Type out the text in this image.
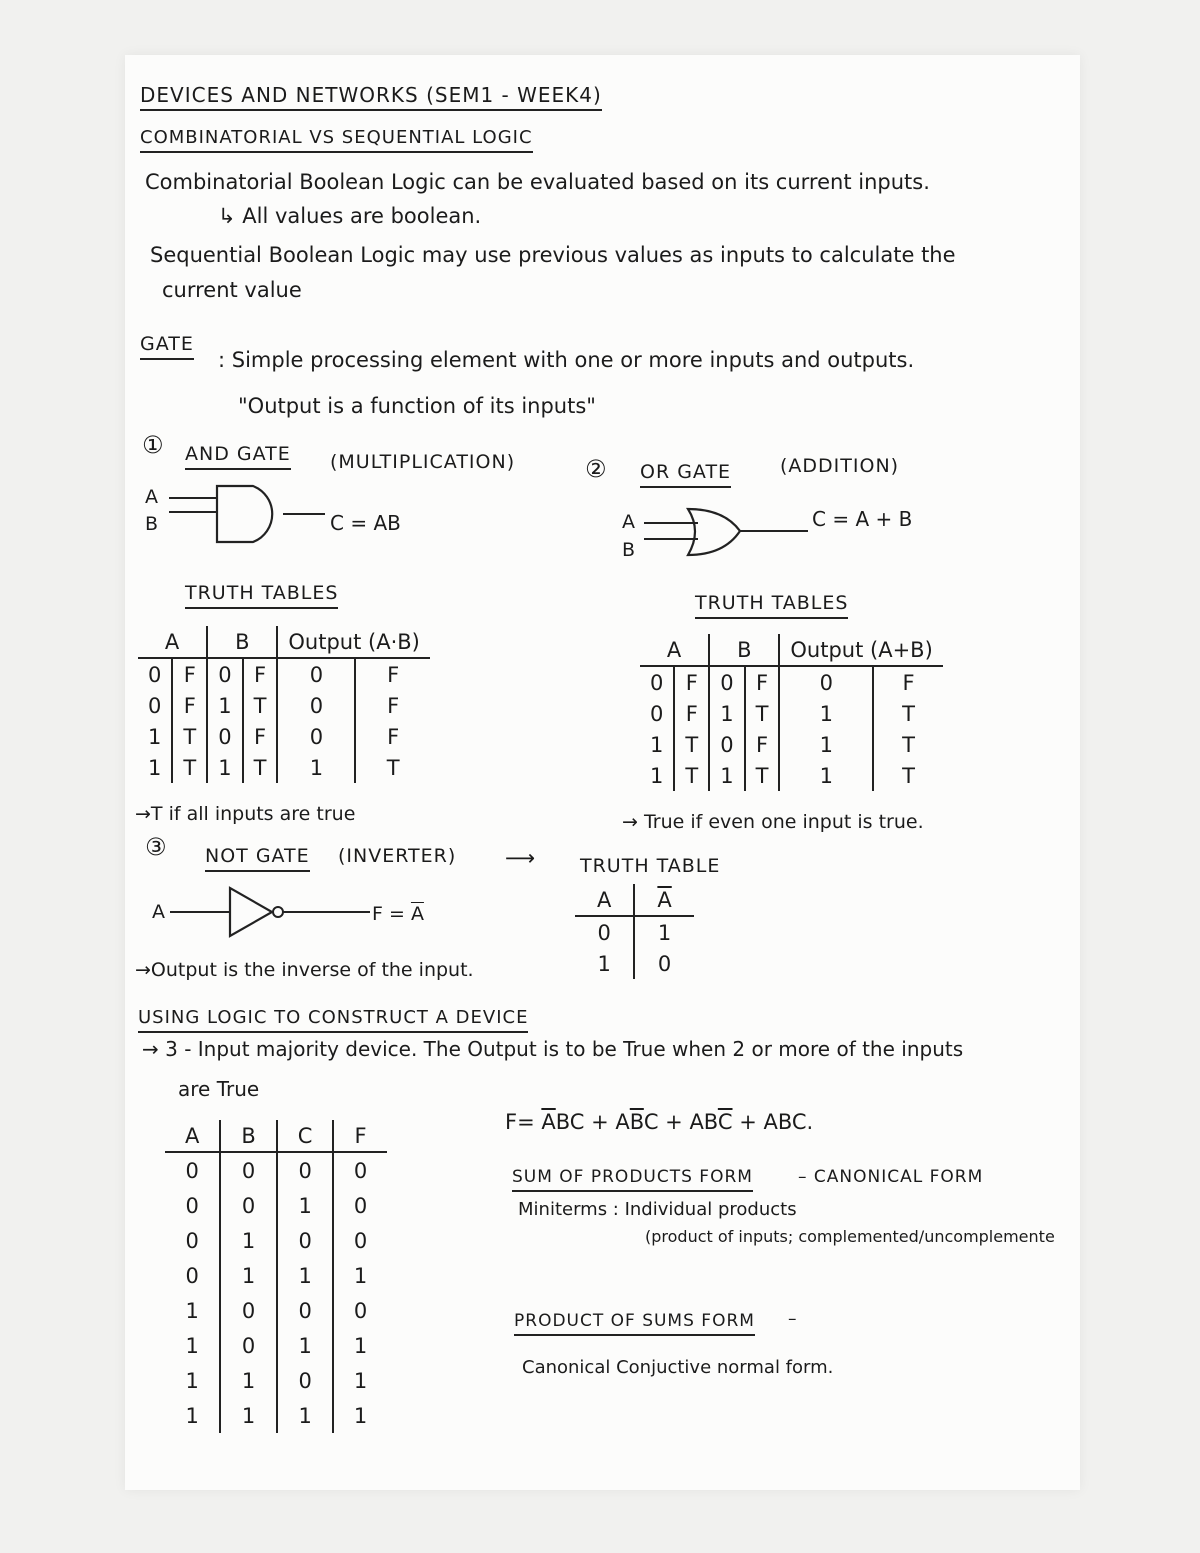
DEVICES AND NETWORKS (SEM1 - WEEK4)
COMBINATORIAL VS SEQUENTIAL LOGIC
Combinatorial Boolean Logic can be evaluated based on its current inputs.
↳ All values are boolean.
Sequential Boolean Logic may use previous values as inputs to calculate the
current value
GATE
: Simple processing element with one or more inputs and outputs.
"Output is a function of its inputs"
① AND GATE (MULTIPLICATION)
A
B	C = AB
② OR GATE	(ADDITION)
A
B
C = A + B
TRUTH TABLES	TRUTH TABLES
A		B		Output (A·B)	
0	F	0	F	0	F
0	F	1	T	0	F
1	T	0	F	0	F
1	T	1	T	1	T
A		B		Output (A+B)	
0	F	0	F	0	F
0	F	1	T	1	T
1	T	0	F	1	T
1	T	1	T	1	T
→T if all inputs are true	→ True if even one input is true.
③ NOT GATE (INVERTER) ⟶ TRUTH TABLE
A	$F = \overline{A}$
A	$\overline{A}$
0	1
1	0
→Output is the inverse of the input.
USING LOGIC TO CONSTRUCT A DEVICE
→ 3 - Input majority device. The Output is to be True when 2 or more of the inputs
are True
A	B	C	F
0	0	0	0
0	0	1	0
0	1	0	0
0	1	1	1
1	0	0	0
1	0	1	1
1	1	0	1
1	1	1	1
$F= \overline{A}BC + A\overline{B}C + AB\overline{C}$ + ABC.
SUM OF PRODUCTS FORM	– CANONICAL FORM
Miniterms : Individual products
(product of inputs; complemented/uncomplemente
PRODUCT OF SUMS FORM –
Canonical Conjuctive normal form.
